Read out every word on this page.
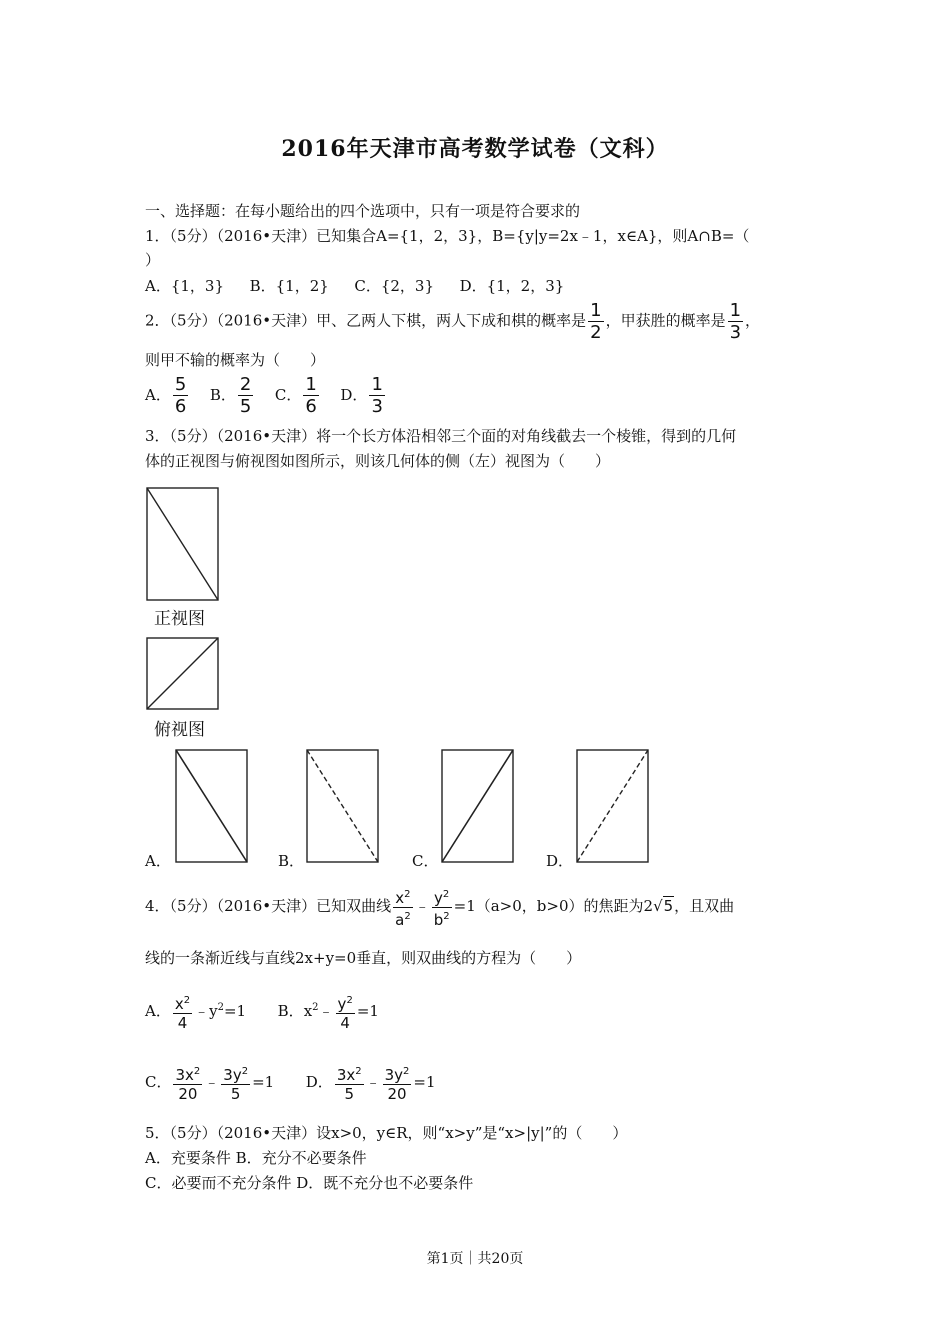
2016年天津市高考数学试卷（文科）
一、选择题：在每小题给出的四个选项中，只有一项是符合要求的
1．（5分）（2016•天津）已知集合A={1，2，3}，B={y|y=2x﹣1，x∈A}，则A∩B=（
）
A．{1，3} B．{1，2} C．{2，3} D．{1，2，3}
2．（5分）（2016•天津）甲、乙两人下棋，两人下成和棋的概率是 $\frac{1}{2}$ ，甲获胜的概率是 $\frac{1}{3}$ ，
则甲不输的概率为（　　）
A． $\frac{5}{6}$ B． $\frac{2}{5}$ C． $\frac{1}{6}$ D． $\frac{1}{3}$
3．（5分）（2016•天津）将一个长方体沿相邻三个面的对角线截去一个棱锥，得到的几何
体的正视图与俯视图如图所示，则该几何体的侧（左）视图为（　　）
正视图
俯视图
A．	B．	C．	D．
4．（5分）（2016•天津）已知双曲线 $\frac{x^2}{a^2}$ ﹣ $\frac{y^2}{b^2} =1(a>0$，b>0）的焦距为2√5，且双曲
线的一条渐近线与直线2x+y=0垂直，则双曲线的方程为（　　）
A． $\frac{x^2}{4}$ $﹣y^2=1$ B．$x^2﹣ \frac{y^2}{4} =1$
C． $\frac{3x^2}{20}$ ﹣ $\frac{3y^2}{5} =1$ D． $\frac{3x^2}{5}$ ﹣ $\frac{3y^2}{20} =1$
5．（5分）（2016•天津）设x>0，y∈R，则“x>y”是“x>|y|”的（　　）
A．充要条件 B．充分不必要条件
C．必要而不充分条件 D．既不充分也不必要条件
第1页｜共20页
